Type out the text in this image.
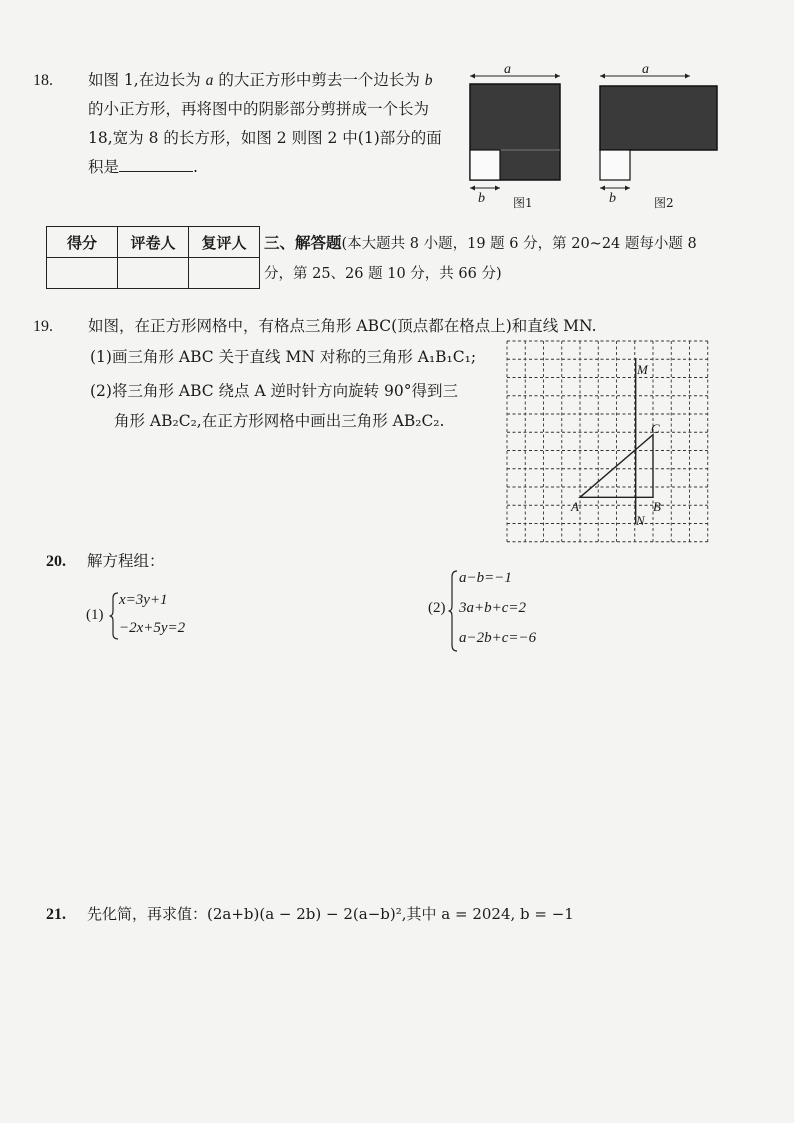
18. 如图 1,在边长为 a 的大正方形中剪去一个边长为 b
的小正方形，再将图中的阴影部分剪拼成一个长为
18,宽为 8 的长方形，如图 2 则图 2 中(1)部分的面
积是	.
a
b 图1
a
b	图2
得分	评卷人	复评人
		三、解答题(本大题共 8 小题，19 题 6 分，第 20~24 题每小题 8
分，第 25、26 题 10 分，共 66 分)
19. 如图，在正方形网格中，有格点三角形 ABC(顶点都在格点上)和直线 MN.
(1)画三角形 ABC 关于直线 MN 对称的三角形 A₁B₁C₁;
(2)将三角形 ABC 绕点 A 逆时针方向旋转 90°得到三
角形 AB₂C₂,在正方形网格中画出三角形 AB₂C₂.
M
N
A	B
C
20. 解方程组：
(1)
x=3y+1
−2x+5y=2
(2)
a−b=−1
3a+b+c=2
a−2b+c=−6
21. 先化简，再求值：(2a+b)(a − 2b) − 2(a−b)²,其中 a = 2024, b = −1
